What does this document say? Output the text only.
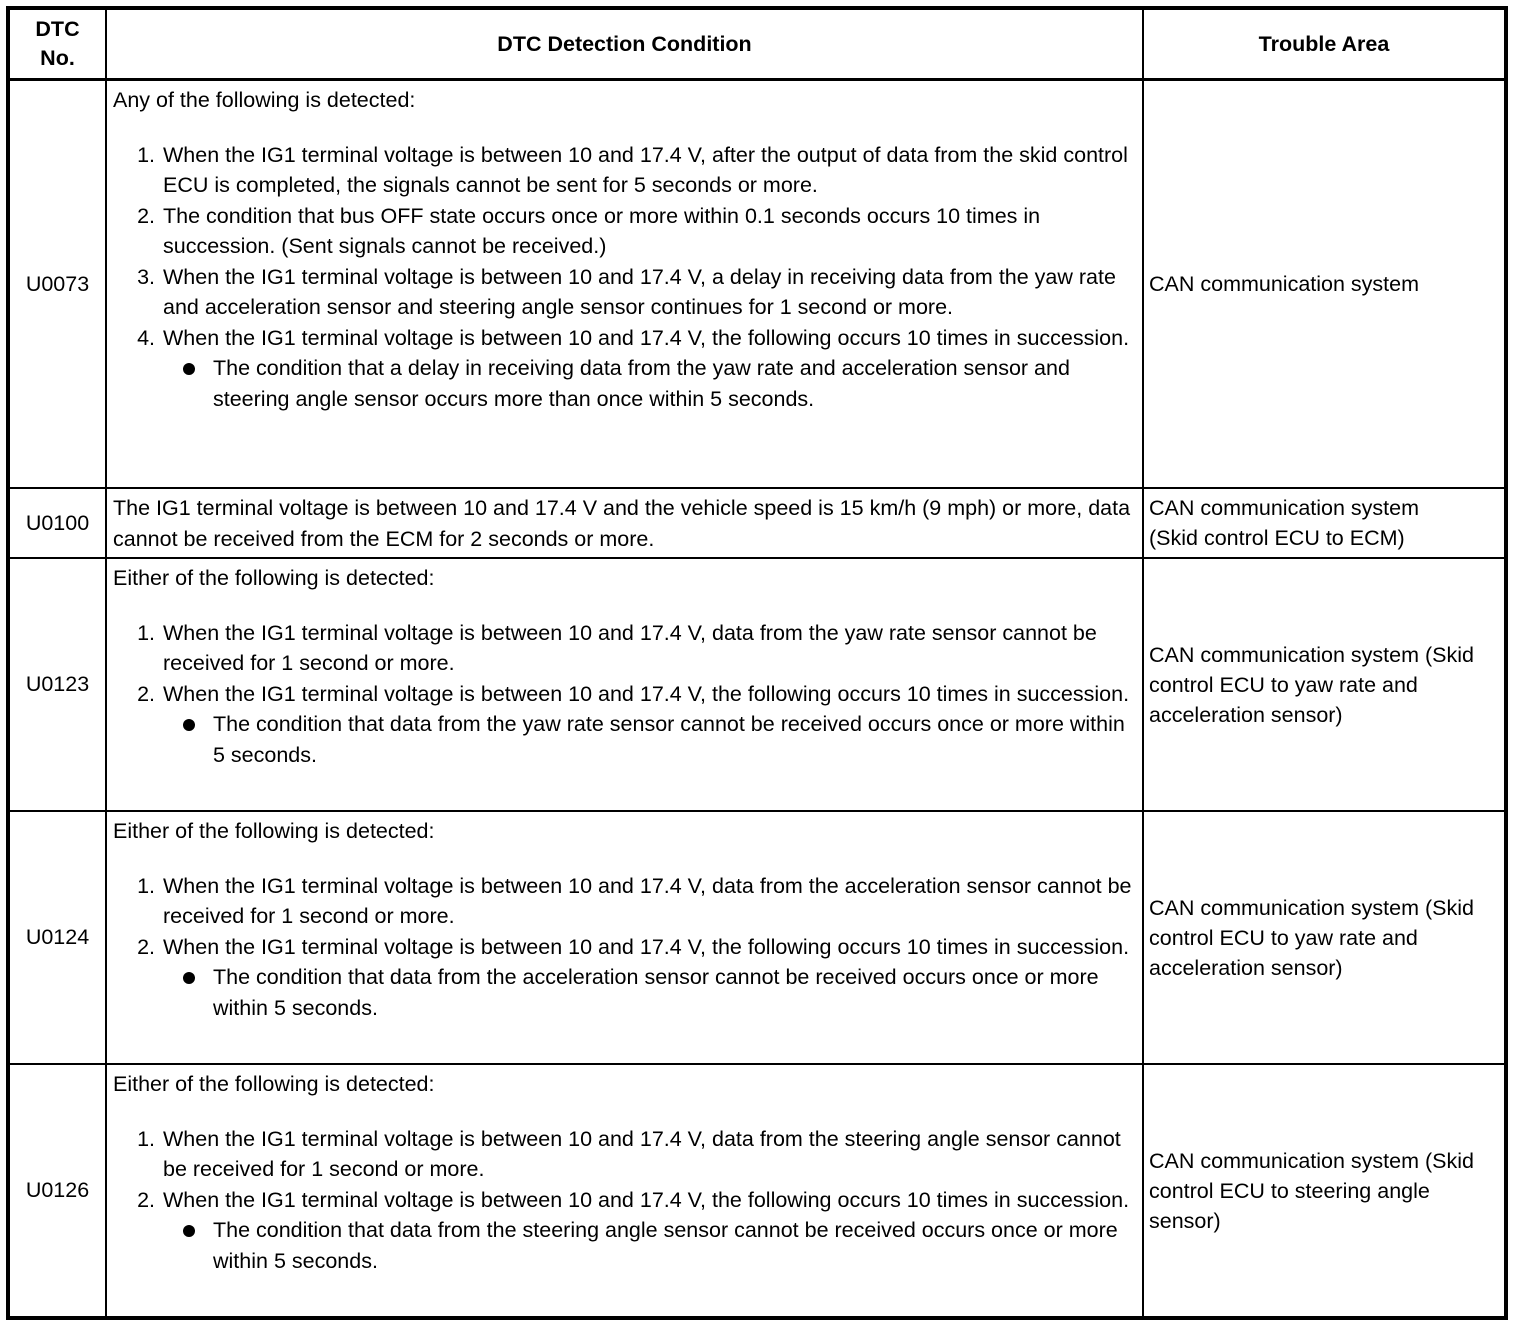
DTC
No.
DTC Detection Condition	Trouble Area
U0073
Any of the following is detected:
1. When the IG1 terminal voltage is between 10 and 17.4 V, after the output of data from the skid control ECU is completed, the signals cannot be sent for 5 seconds or more.
2. The condition that bus OFF state occurs once or more within 0.1 seconds occurs 10 times in succession. (Sent signals cannot be received.)
3. When the IG1 terminal voltage is between 10 and 17.4 V, a delay in receiving data from the yaw rate and acceleration sensor and steering angle sensor continues for 1 second or more.
4. When the IG1 terminal voltage is between 10 and 17.4 V, the following occurs 10 times in succession.
The condition that a delay in receiving data from the yaw rate and acceleration sensor and steering angle sensor occurs more than once within 5 seconds.
CAN communication system
U0100
The IG1 terminal voltage is between 10 and 17.4 V and the vehicle speed is 15 km/h (9 mph) or more, data cannot be received from the ECM for 2 seconds or more.
CAN communication system (Skid control ECU to ECM)
U0123
Either of the following is detected:
1. When the IG1 terminal voltage is between 10 and 17.4 V, data from the yaw rate sensor cannot be received for 1 second or more.
2. When the IG1 terminal voltage is between 10 and 17.4 V, the following occurs 10 times in succession.
The condition that data from the yaw rate sensor cannot be received occurs once or more within 5 seconds.
CAN communication system (Skid control ECU to yaw rate and acceleration sensor)
U0124
Either of the following is detected:
1. When the IG1 terminal voltage is between 10 and 17.4 V, data from the acceleration sensor cannot be received for 1 second or more.
2. When the IG1 terminal voltage is between 10 and 17.4 V, the following occurs 10 times in succession.
The condition that data from the acceleration sensor cannot be received occurs once or more within 5 seconds.
CAN communication system (Skid control ECU to yaw rate and acceleration sensor)
U0126
Either of the following is detected:
1. When the IG1 terminal voltage is between 10 and 17.4 V, data from the steering angle sensor cannot be received for 1 second or more.
2. When the IG1 terminal voltage is between 10 and 17.4 V, the following occurs 10 times in succession.
The condition that data from the steering angle sensor cannot be received occurs once or more within 5 seconds.
CAN communication system (Skid control ECU to steering angle sensor)
